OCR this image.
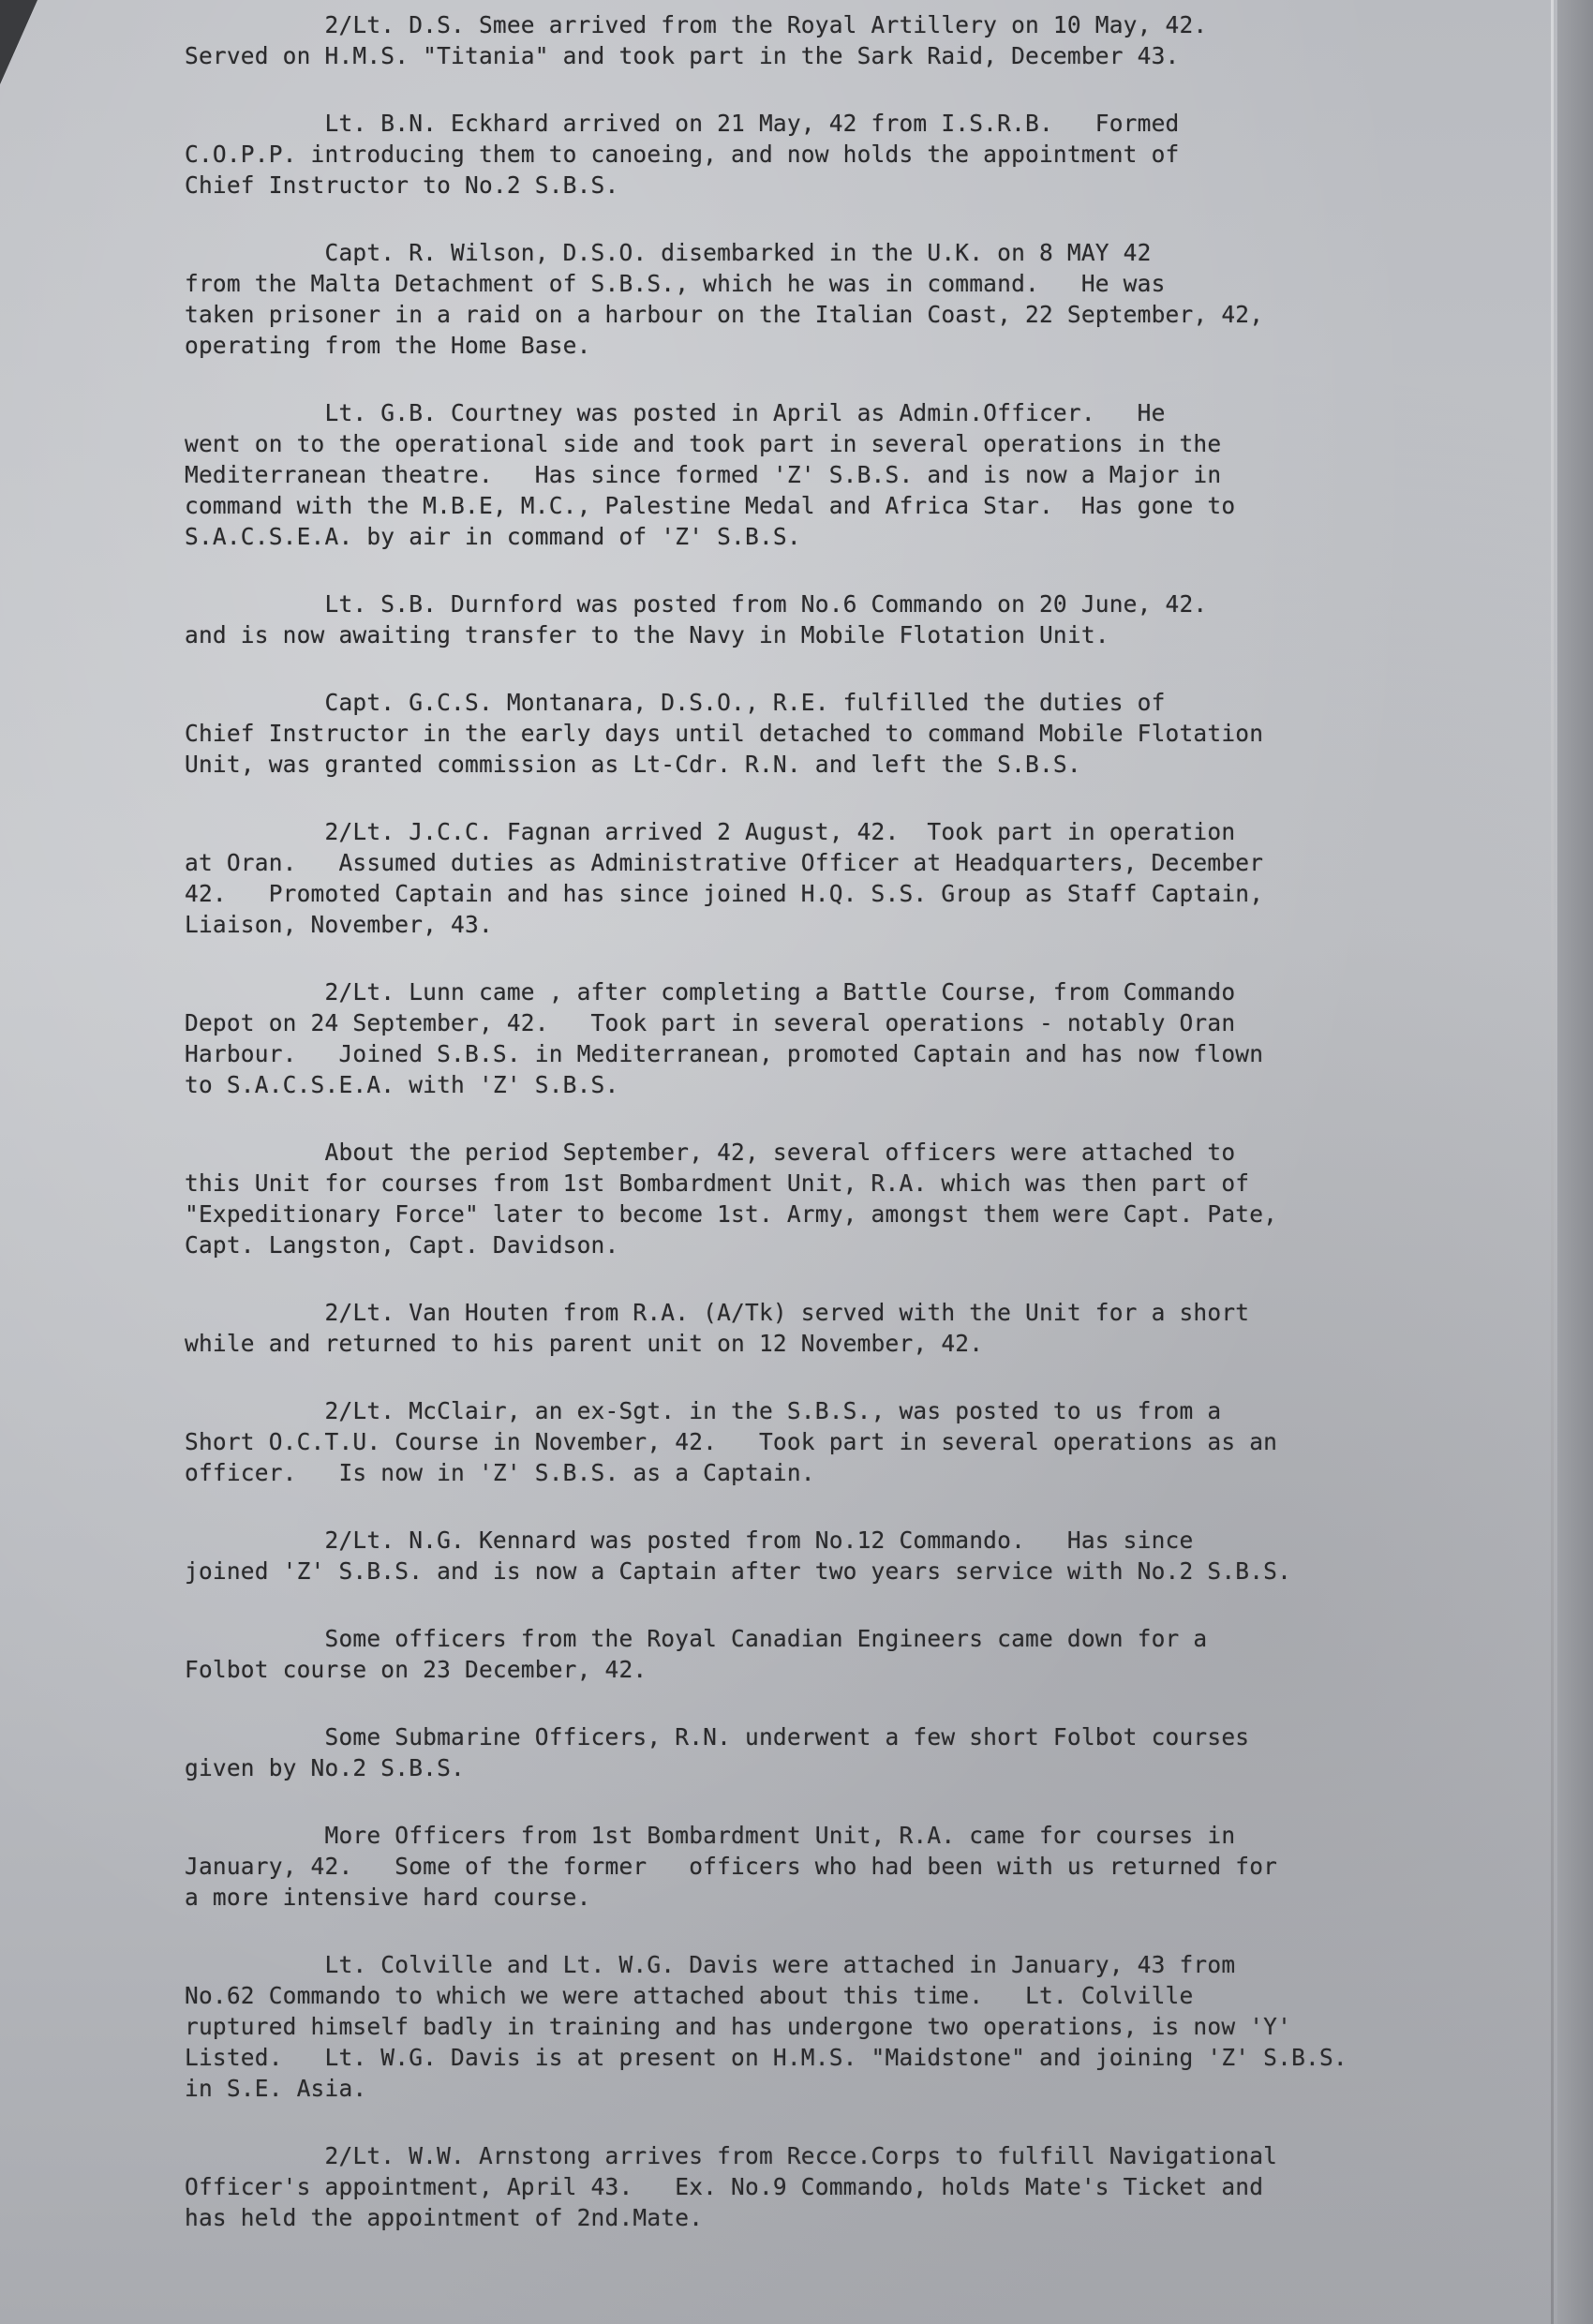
2/Lt. D.S. Smee arrived from the Royal Artillery on 10 May, 42.
Served on H.M.S. "Titania" and took part in the Sark Raid, December 43.
Lt. B.N. Eckhard arrived on 21 May, 42 from I.S.R.B.   Formed
C.O.P.P. introducing them to canoeing, and now holds the appointment of
Chief Instructor to No.2 S.B.S.
Capt. R. Wilson, D.S.O. disembarked in the U.K. on 8 MAY 42
from the Malta Detachment of S.B.S., which he was in command.   He was
taken prisoner in a raid on a harbour on the Italian Coast, 22 September, 42,
operating from the Home Base.
Lt. G.B. Courtney was posted in April as Admin.Officer.   He
went on to the operational side and took part in several operations in the
Mediterranean theatre.   Has since formed 'Z' S.B.S. and is now a Major in
command with the M.B.E, M.C., Palestine Medal and Africa Star.  Has gone to
S.A.C.S.E.A. by air in command of 'Z' S.B.S.
Lt. S.B. Durnford was posted from No.6 Commando on 20 June, 42.
and is now awaiting transfer to the Navy in Mobile Flotation Unit.
Capt. G.C.S. Montanara, D.S.O., R.E. fulfilled the duties of
Chief Instructor in the early days until detached to command Mobile Flotation
Unit, was granted commission as Lt-Cdr. R.N. and left the S.B.S.
2/Lt. J.C.C. Fagnan arrived 2 August, 42.  Took part in operation
at Oran.   Assumed duties as Administrative Officer at Headquarters, December
42.   Promoted Captain and has since joined H.Q. S.S. Group as Staff Captain,
Liaison, November, 43.
2/Lt. Lunn came , after completing a Battle Course, from Commando
Depot on 24 September, 42.   Took part in several operations - notably Oran
Harbour.   Joined S.B.S. in Mediterranean, promoted Captain and has now flown
to S.A.C.S.E.A. with 'Z' S.B.S.
About the period September, 42, several officers were attached to
this Unit for courses from 1st Bombardment Unit, R.A. which was then part of
"Expeditionary Force" later to become 1st. Army, amongst them were Capt. Pate,
Capt. Langston, Capt. Davidson.
2/Lt. Van Houten from R.A. (A/Tk) served with the Unit for a short
while and returned to his parent unit on 12 November, 42.
2/Lt. McClair, an ex-Sgt. in the S.B.S., was posted to us from a
Short O.C.T.U. Course in November, 42.   Took part in several operations as an
officer.   Is now in 'Z' S.B.S. as a Captain.
2/Lt. N.G. Kennard was posted from No.12 Commando.   Has since
joined 'Z' S.B.S. and is now a Captain after two years service with No.2 S.B.S.
Some officers from the Royal Canadian Engineers came down for a
Folbot course on 23 December, 42.
Some Submarine Officers, R.N. underwent a few short Folbot courses
given by No.2 S.B.S.
More Officers from 1st Bombardment Unit, R.A. came for courses in
January, 42.   Some of the former   officers who had been with us returned for
a more intensive hard course.
Lt. Colville and Lt. W.G. Davis were attached in January, 43 from
No.62 Commando to which we were attached about this time.   Lt. Colville
ruptured himself badly in training and has undergone two operations, is now 'Y'
Listed.   Lt. W.G. Davis is at present on H.M.S. "Maidstone" and joining 'Z' S.B.S.
in S.E. Asia.
2/Lt. W.W. Arnstong arrives from Recce.Corps to fulfill Navigational
Officer's appointment, April 43.   Ex. No.9 Commando, holds Mate's Ticket and
has held the appointment of 2nd.Mate.
